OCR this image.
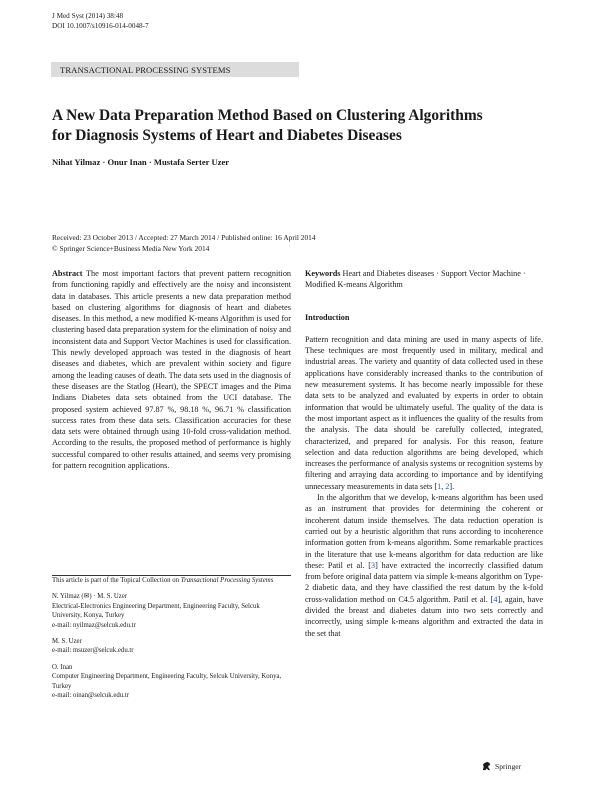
J Med Syst (2014) 38:48
DOI 10.1007/s10916-014-0048-7
TRANSACTIONAL PROCESSING SYSTEMS
A New Data Preparation Method Based on Clustering Algorithms
for Diagnosis Systems of Heart and Diabetes Diseases
Nihat Yilmaz · Onur Inan · Mustafa Serter Uzer
Received: 23 October 2013 / Accepted: 27 March 2014 / Published online: 16 April 2014
© Springer Science+Business Media New York 2014

Abstract The most important factors that prevent pattern recognition from functioning rapidly and effectively are the noisy and inconsistent data in databases. This article presents a new data preparation method based on clustering algorithms for diagnosis of heart and diabetes diseases. In this method, a new modified K-means Algorithm is used for clustering based data preparation system for the elimination of noisy and inconsistent data and Support Vector Machines is used for classification. This newly developed approach was tested in the diagnosis of heart diseases and diabetes, which are prevalent within society and figure among the leading causes of death. The data sets used in the diagnosis of these diseases are the Statlog (Heart), the SPECT images and the Pima Indians Diabetes data sets obtained from the UCI database. The proposed system achieved 97.87 %, 98.18 %, 96.71 % classification success rates from these data sets. Classification accuracies for these data sets were obtained through using 10-fold cross-validation method. According to the results, the proposed method of performance is highly successful compared to other results attained, and seems very promising for pattern recognition applications.

This article is part of the Topical Collection on Transactional Processing Systems

N. Yilmaz (✉) · M. S. Uzer
Electrical-Electronics Engineering Department, Engineering Faculty, Selcuk University, Konya, Turkey
e-mail: nyilmaz@selcuk.edu.tr

M. S. Uzer
e-mail: msuzer@selcuk.edu.tr

O. Inan
Computer Engineering Department, Engineering Faculty, Selcuk University, Konya, Turkey
e-mail: oinan@selcuk.edu.tr

Keywords Heart and Diabetes diseases · Support Vector Machine · Modified K-means Algorithm

Introduction

Pattern recognition and data mining are used in many aspects of life. These techniques are most frequently used in military, medical and industrial areas. The variety and quantity of data collected used in these applications have considerably increased thanks to the contribution of new measurement systems. It has become nearly impossible for these data sets to be analyzed and evaluated by experts in order to obtain information that would be ultimately useful. The quality of the data is the most important aspect as it influences the quality of the results from the analysis. The data should be carefully collected, integrated, characterized, and prepared for analysis. For this reason, feature selection and data reduction algorithms are being developed, which increases the performance of analysis systems or recognition systems by filtering and arraying data according to importance and by identifying unnecessary measurements in data sets [1, 2].

In the algorithm that we develop, k-means algorithm has been used as an instrument that provides for determining the coherent or incoherent datum inside themselves. The data reduction operation is carried out by a heuristic algorithm that runs according to incoherence information gotten from k-means algorithm. Some remarkable practices in the literature that use k-means algorithm for data reduction are like these: Patil et al. [3] have extracted the incorrectly classified datum from before original data pattern via simple k-means algorithm on Type-2 diabetic data, and they have classified the rest datum by the k-fold cross-validation method on C4.5 algorithm. Patil et al. [4], again, have divided the breast and diabetes datum into two sets correctly and incorrectly, using simple k-means algorithm and extracted the data in the set that

Springer
